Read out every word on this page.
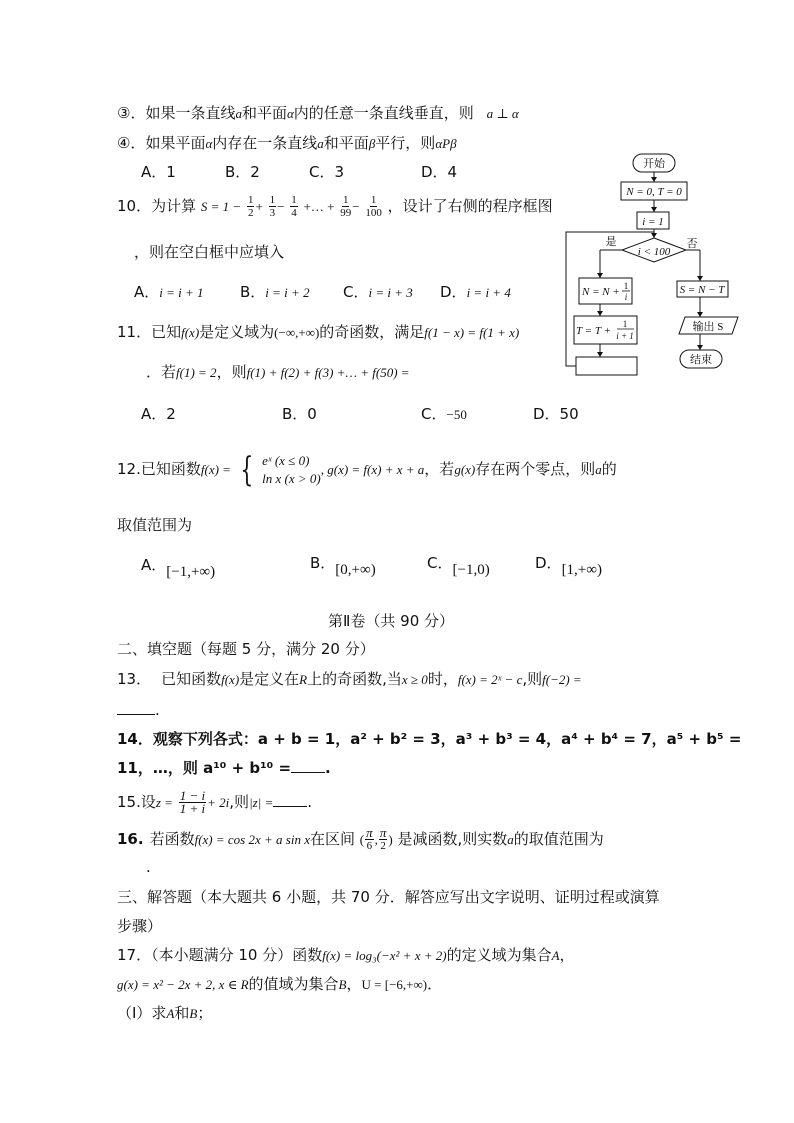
③．如果一条直线a和平面α内的任意一条直线垂直，则 a ⊥ α
④．如果平面α内存在一条直线a和平面β平行，则αPβ
A．1	B．2	C．3	D．4
10．为计算 $S = 1 - \frac{1}{2} + \frac{1}{3} - \frac{1}{4}$ +… + $\frac{1}{99} - \frac{1}{100}$ ，设计了右侧的程序框图
，则在空白框中应填入
A．i = i + 1 B．i = i + 2 C．i = i + 3 D．i = i + 4
开始
N = 0, T = 0
i = 1
i < 100
是	否
N = N + 1
i
T = T +
1
i + 1
S = N − T
输出 S
结束
11．已知f(x)是定义域为(−∞,+∞)的奇函数，满足f(1 − x) = f(1 + x)
．若f(1) = 2，则f(1) + f(2) + f(3) +… + f(50) =
A．2	B．0	C．−50	D．50
12.已知函数f(x) = { eˣ (x ≤ 0)
ln x (x > 0)
, g(x) = f(x) + x + a，若g(x)存在两个零点，则a的
取值范围为
A．[−1,+∞)	B．[0,+∞)	C．[−1,0)	D．[1,+∞)
第Ⅱ卷（共 90 分）
二、填空题（每题 5 分，满分 20 分）
13． 已知函数f(x)是定义在R上的奇函数,当x ≥ 0时，f(x) = 2ˣ − c,则f(−2) =
.
14．观察下列各式：a + b = 1，a² + b² = 3，a³ + b³ = 4，a⁴ + b⁴ = 7，a⁵ + b⁵ =
11，…，则 a¹⁰ + b¹⁰ = .
15.设$z = \frac{1 - i}{1 + i} + 2i$,则|z| = .
16. 若函数f(x) = cos 2x + a sin x在区间 ( $\frac{\pi}{6}$ , $\frac{\pi}{2}$ ) 是减函数,则实数a的取值范围为
.
三、解答题（本大题共 6 小题，共 70 分．解答应写出文字说明、证明过程或演算
步骤）
17．（本小题满分 10 分）函数f(x) = log₃(−x² + x + 2)的定义域为集合A，
g(x) = x² − 2x + 2, x ∈ R的值域为集合B，U = [−6,+∞)．
（Ⅰ）求A和B；
